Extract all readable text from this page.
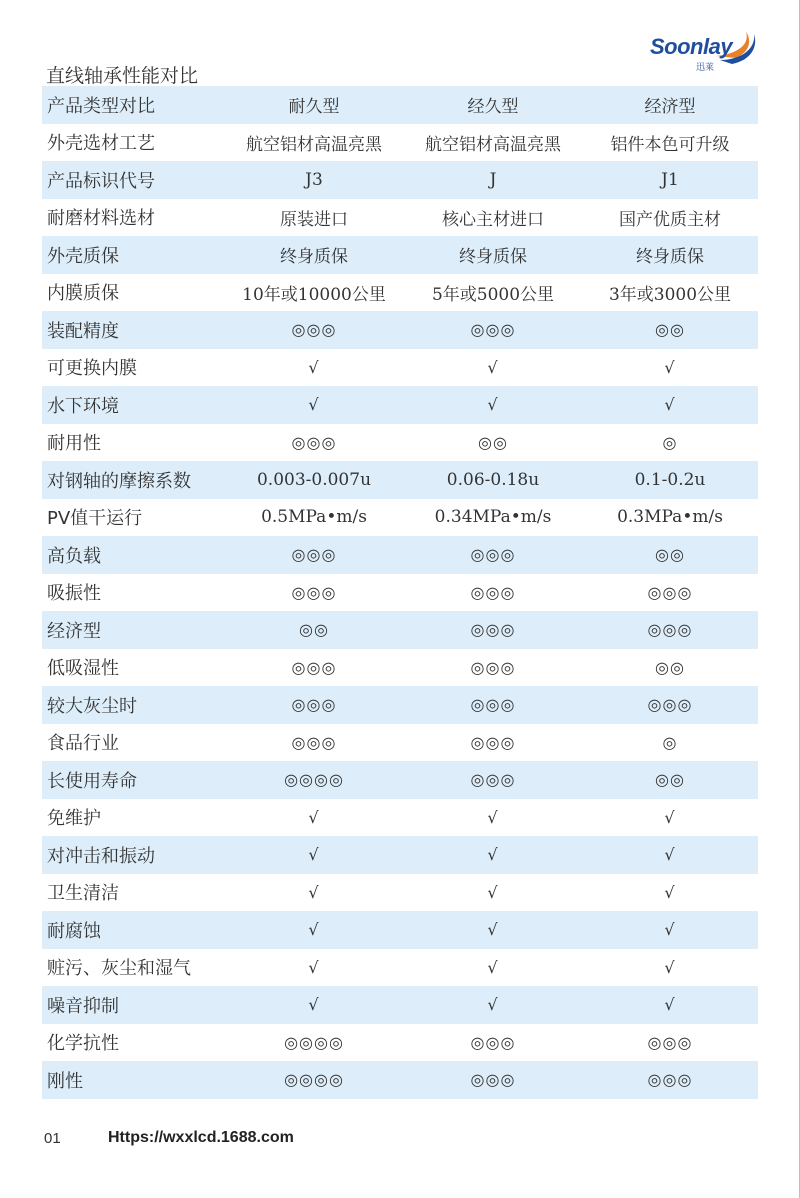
Soonlay
迅莱
直线轴承性能对比
产品类型对比	耐久型	经久型	经济型
外壳选材工艺	航空铝材高温亮黑	航空铝材高温亮黑	铝件本色可升级
产品标识代号	J3	J	J1
耐磨材料选材	原装进口	核心主材进口	国产优质主材
外壳质保	终身质保	终身质保	终身质保
内膜质保	10年或10000公里	5年或5000公里	3年或3000公里
装配精度	◎◎◎	◎◎◎	◎◎
可更换内膜	√	√	√
水下环境	√	√	√
耐用性	◎◎◎	◎◎	◎
对钢轴的摩擦系数	0.003-0.007u	0.06-0.18u	0.1-0.2u
PV值干运行	0.5MPa•m/s	0.34MPa•m/s	0.3MPa•m/s
高负载	◎◎◎	◎◎◎	◎◎
吸振性	◎◎◎	◎◎◎	◎◎◎
经济型	◎◎	◎◎◎	◎◎◎
低吸湿性	◎◎◎	◎◎◎	◎◎
较大灰尘时	◎◎◎	◎◎◎	◎◎◎
食品行业	◎◎◎	◎◎◎	◎
长使用寿命	◎◎◎◎	◎◎◎	◎◎
免维护	√	√	√
对冲击和振动	√	√	√
卫生清洁	√	√	√
耐腐蚀	√	√	√
赃污、灰尘和湿气	√	√	√
噪音抑制	√	√	√
化学抗性	◎◎◎◎	◎◎◎	◎◎◎
刚性	◎◎◎◎	◎◎◎	◎◎◎
01	Https://wxxlcd.1688.com
